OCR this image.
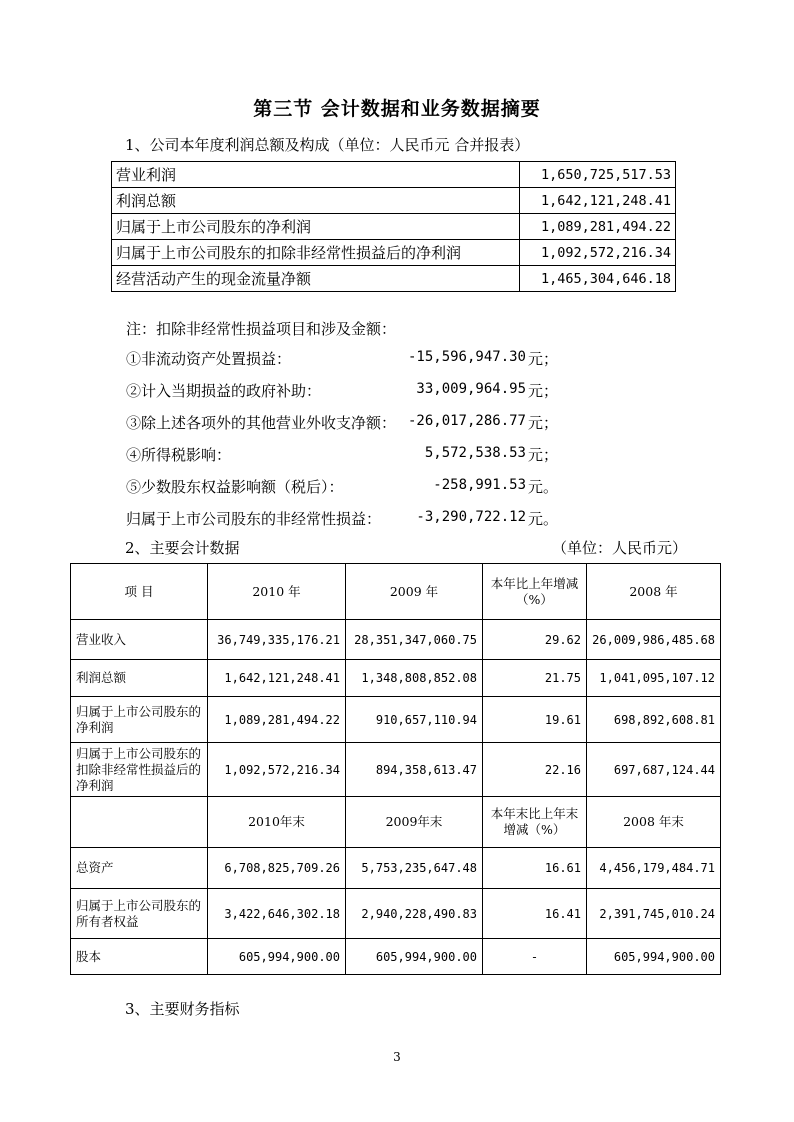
第三节 会计数据和业务数据摘要
1、公司本年度利润总额及构成（单位：人民币元 合并报表）
营业利润	1,650,725,517.53
利润总额	1,642,121,248.41
归属于上市公司股东的净利润	1,089,281,494.22
归属于上市公司股东的扣除非经常性损益后的净利润	1,092,572,216.34
经营活动产生的现金流量净额	1,465,304,646.18
注：扣除非经常性损益项目和涉及金额：
①非流动资产处置损益：	-15,596,947.30 元；
②计入当期损益的政府补助：	33,009,964.95 元；
③除上述各项外的其他营业外收支净额： -26,017,286.77 元；
④所得税影响：	5,572,538.53 元；
⑤少数股东权益影响额（税后）：	-258,991.53 元。
归属于上市公司股东的非经常性损益：	-3,290,722.12 元。
2、主要会计数据	（单位：人民币元）
项 目	2010 年	2009 年	本年比上年增减（%）	2008 年
营业收入	36,749,335,176.21	28,351,347,060.75	29.62	26,009,986,485.68
利润总额	1,642,121,248.41	1,348,808,852.08	21.75	1,041,095,107.12
归属于上市公司股东的净利润	1,089,281,494.22	910,657,110.94	19.61	698,892,608.81
归属于上市公司股东的扣除非经常性损益后的净利润	1,092,572,216.34	894,358,613.47	22.16	697,687,124.44
	2010年末	2009年末	本年末比上年末增减（%）	2008 年末
总资产	6,708,825,709.26	5,753,235,647.48	16.61	4,456,179,484.71
归属于上市公司股东的所有者权益	3,422,646,302.18	2,940,228,490.83	16.41	2,391,745,010.24
股本	605,994,900.00	605,994,900.00	-	605,994,900.00
3、主要财务指标
3
